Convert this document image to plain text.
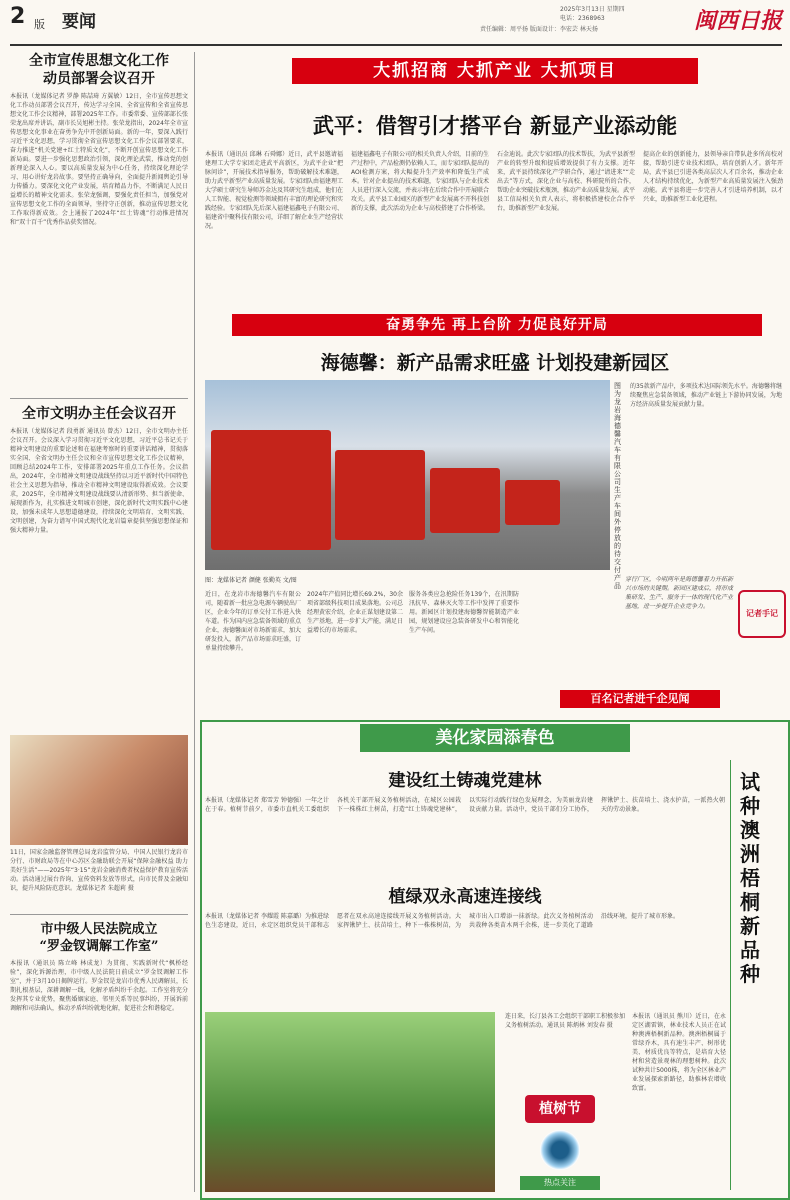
2 版 要闻
2025年3月13日 星期四
电话：2368963
责任编辑：周平扬 版面设计：李宏芸 林天扬	闽西日报
全市宣传思想文化工作
动员部署会议召开
本报讯（龙媒体记者 罗静 陈喆琦 方翼敏）12日，全市宣传思想文化工作动员部署会议召开，传达学习全国、全省宣传和全省宣传思想文化工作会议精神，部署2025年工作。市委常委、宣传部部长张荣龙出席并讲话，副市长吴旭彬主持。张荣龙指出，2024年全市宣传思想文化事业在奋勇争先中开创新局面。新的一年，要深入践行习近平文化思想，学习贯彻全省宣传思想文化工作会议部署要求，奋力推进“机关党建+红土特质文化”，不断开创宣传思想文化工作新局面。要进一步强化思想政治引领，深化理论武装，推动党的创新理论深入人心。要以高质量发展为中心任务，持续深化理论学习、用心讲好龙岩故事。要坚持正确导向，全面提升新闻舆论引导力传播力。要深化文化产业发展，培育精品力作，不断满足人民日益增长的精神文化需求。张荣龙强调，要强化责任担当，加强党对宣传思想文化工作的全面领导，坚持守正创新，推动宣传思想文化工作取得新成效。会上通报了2024年“红土铸魂”行动推进情况和“双十百千”优秀作品获奖情况。
全市文明办主任会议召开
本报讯（龙媒体记者 段勇新 通讯员 曾杰）12日，全市文明办主任会议召开。会议深入学习贯彻习近平文化思想，习近平总书记关于精神文明建设的重要论述和在福建考察时的重要讲话精神，贯彻落实全国、全省文明办主任会议和全市宣传思想文化工作会议精神，回顾总结2024年工作，安排部署2025年重点工作任务。会议指出，2024年，全市精神文明建设战线坚持以习近平新时代中国特色社会主义思想为指导，推动全市精神文明建设取得新成效。会议要求，2025年，全市精神文明建设战线要认清新形势、担当新使命、展现新作为，扎实推进文明城市创建，深化新时代文明实践中心建设，加强未成年人思想道德建设，持续深化文明培育、文明实践、文明创建，为奋力谱写中国式现代化龙岩篇章提供坚强思想保证和强大精神力量。
11日，国家金融监督管理总局龙岩监管分局、中国人民银行龙岩市分行、市财政局等在中心苏区金融助联会开展“保障金融权益 助力美好生活”——2025年“3·15”龙岩金融消费者权益保护教育宣传活动。活动通过展台咨询、宣传资料发放等形式，向市民普及金融知识，提升风险防范意识。龙媒体记者 朱超莉 摄
市中级人民法院成立
“罗金钗调解工作室”
本报讯（通讯员 陈立峰 林成龙）为贯彻、实践新时代“枫桥经验”，深化诉源治理，市中级人民法院日前成立“罗金钗调解工作室”，并于3月10日揭牌运行。罗金钗是龙岩市优秀人民调解员，长期扎根基层，深耕调解一线，化解矛盾纠纷千余起。工作室将充分发挥其专业优势，聚焦婚姻家庭、邻里关系等民事纠纷，开展诉前调解和司法确认，推动矛盾纠纷就地化解，促进社会和谐稳定。
大抓招商 大抓产业 大抓项目
武平：借智引才搭平台 新显产业添动能
本报讯（通讯员 邱琳 石舜娜）近日，武平县邀请福建理工大学专家团走进武平高新区，为武平企业“把脉问诊”，开展技术指导服务，帮助破解技术难题，助力武平新型产业高质量发展。专家团队由福建理工大学硕士研究生导师苏金达及其研究生组成，他们在人工智能、视觉检测等领域拥有丰富的理论研究和实践经验。专家团队先后深入福建福鑫电子有限公司、福建省中聚科技有限公司，详细了解企业生产经营状况。
福建福鑫电子有限公司的相关负责人介绍，目前的生产过程中，产品检测仍依赖人工，而专家团队提出的AOI检测方案，将大幅提升生产效率和降低生产成本。针对企业提出的技术难题，专家团队与企业技术人员进行深入交流，并表示将在后续合作中开展联合攻关。武平县工业园区的新型产业发展离不开科技创新的支撑，此次活动为企业与高校搭建了合作桥梁。
石金迪说。此次专家团队的技术帮扶，为武平县新型产业的转型升级和提质增效提供了有力支撑。近年来，武平县持续深化产学研合作，通过“请进来”“走出去”等方式，深化企业与高校、科研院所的合作，帮助企业突破技术瓶颈，推动产业高质量发展。武平县工信局相关负责人表示，将积极搭建校企合作平台，助推新型产业发展。
提高企业的创新能力，县领导亲自带队赴多所高校对接，帮助引进专业技术团队，培育创新人才。新年开局，武平县已引进各类高层次人才百余名，推动企业人才结构持续优化，为新型产业高质量发展注入强劲动能。武平县将进一步完善人才引进培养机制，以才兴业，助推新型工业化进程。
奋勇争先 再上台阶 力促良好开局
海德馨：新产品需求旺盛 计划投建新园区
图为龙岩海德馨汽车有限公司生产车间外停放的待交付产品
图：龙媒体记者 颜健 张勤英 文/图
近日，在龙岩市海德馨汽车有限公司，随着新一批应急电源车辆驶出厂区，企业今年的订单交付工作进入快车道。作为国内应急装备领域的重点企业，海德馨面对市场新需求，加大研发投入，新产品市场需求旺盛，订单量持续攀升。
2024年产值同比增长69.2%，30余项省部级科技项目成果落地。公司总经理黄宏介绍，企业正谋划建设第二生产基地，进一步扩大产能，满足日益增长的市场需求。
服务各类应急抢险任务139个，在汛期防汛抗旱、森林灭火等工作中发挥了重要作用。新园区计划投建海德馨智能制造产业园，规划建设应急装备研发中心和智能化生产车间。
的35款新产品中，多项技术达国际领先水平。海德馨将继续聚焦应急装备领域，推动产业链上下游协同发展，为地方经济高质量发展贡献力量。
穿行厂区，今明两年是海德馨着力开拓新兴市场的关键期。新园区建成后，将形成集研发、生产、服务于一体的现代化产业基地，进一步提升企业竞争力。
记者手记
百名记者进千企见闻
美化家园添春色
建设红土铸魂党建林
本报讯（龙媒体记者 郑雪芳 钟德强）一年之计在于春。植树节前夕，市委市直机关工委组织各机关干部开展义务植树活动，在城区公园栽下一株株红土树苗，打造“红土铸魂党建林”，以实际行动践行绿色发展理念，为美丽龙岩建设贡献力量。活动中，党员干部们分工协作，挥锹铲土、扶苗培土、浇水护苗，一派热火朝天的劳动景象。
植绿双永高速连接线
本报讯（龙媒体记者 李耀霞 陈嘉璐）为推进绿色生态建设，近日，永定区组织党员干部和志愿者在双永高速连接线开展义务植树活动。大家挥锹铲土、扶苗培土，种下一株株树苗，为城市出入口增添一抹新绿。此次义务植树活动共栽种各类苗木两千余株，进一步美化了道路沿线环境，提升了城市形象。
连日来，长汀县各工会组织干部职工积极参加义务植树活动。通讯员 陈炳林 刘发春 摄
植树节
热点关注
本报讯（通讯员 熊川）近日，在永定区湖雷镇，林业技术人员正在试种澳洲梧桐新品种。澳洲梧桐属于常绿乔木，具有速生丰产、树形优美、材质优良等特点，是培育大径材和营造景观林的理想树种。此次试种共计5000株，将为全区林业产业发展探索新路径，助推林农增收致富。
试种澳洲梧桐新品种
